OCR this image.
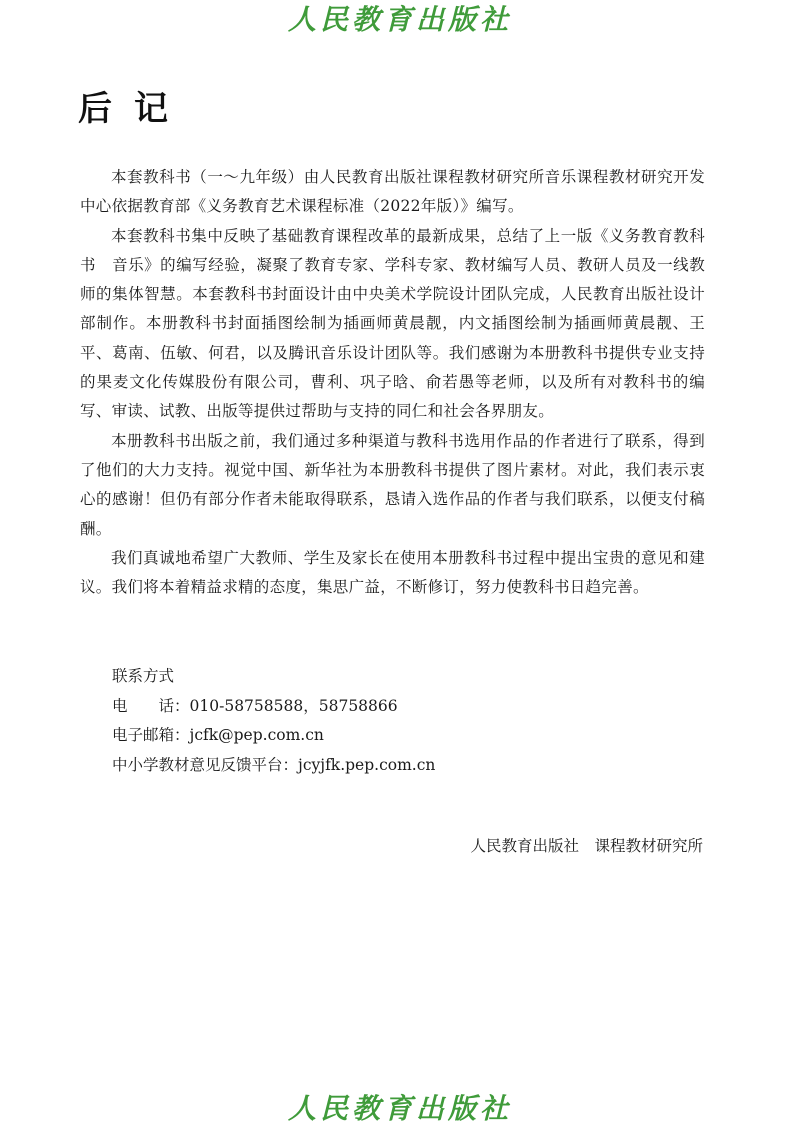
人民教育出版社
后记

本套教科书（一～九年级）由人民教育出版社课程教材研究所音乐课程教材研究开发中心依据教育部《义务教育艺术课程标准（2022年版）》编写。

本套教科书集中反映了基础教育课程改革的最新成果，总结了上一版《义务教育教科书　音乐》的编写经验，凝聚了教育专家、学科专家、教材编写人员、教研人员及一线教师的集体智慧。本套教科书封面设计由中央美术学院设计团队完成，人民教育出版社设计部制作。本册教科书封面插图绘制为插画师黄晨靓，内文插图绘制为插画师黄晨靓、王平、葛南、伍敏、何君，以及腾讯音乐设计团队等。我们感谢为本册教科书提供专业支持的果麦文化传媒股份有限公司，曹利、巩子晗、俞若愚等老师，以及所有对教科书的编写、审读、试教、出版等提供过帮助与支持的同仁和社会各界朋友。

本册教科书出版之前，我们通过多种渠道与教科书选用作品的作者进行了联系，得到了他们的大力支持。视觉中国、新华社为本册教科书提供了图片素材。对此，我们表示衷心的感谢！但仍有部分作者未能取得联系，恳请入选作品的作者与我们联系，以便支付稿酬。

我们真诚地希望广大教师、学生及家长在使用本册教科书过程中提出宝贵的意见和建议。我们将本着精益求精的态度，集思广益，不断修订，努力使教科书日趋完善。

联系方式
电　　话：010-58758588，58758866
电子邮箱：jcfk@pep.com.cn
中小学教材意见反馈平台：jcyjfk.pep.com.cn
人民教育出版社　课程教材研究所
人民教育出版社
